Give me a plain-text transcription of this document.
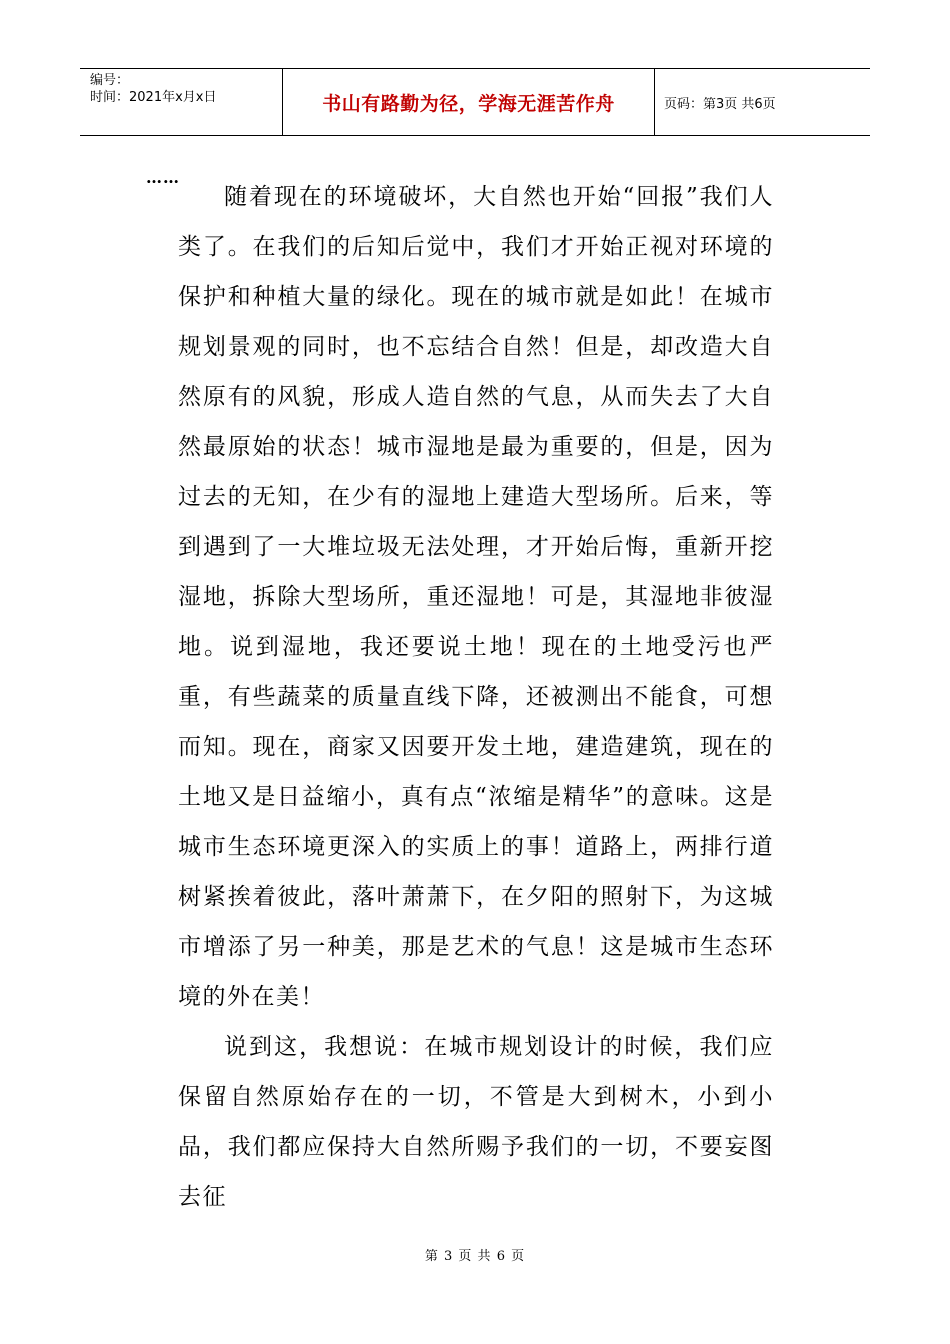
编号：
时间：2021年x月x日	书山有路勤为径，学海无涯苦作舟	页码：第3页 共6页
……

随着现在的环境破坏，大自然也开始“回报”我们人类了。在我们的后知后觉中，我们才开始正视对环境的保护和种植大量的绿化。现在的城市就是如此！在城市规划景观的同时，也不忘结合自然！但是，却改造大自然原有的风貌，形成人造自然的气息，从而失去了大自然最原始的状态！城市湿地是最为重要的，但是，因为过去的无知，在少有的湿地上建造大型场所。后来，等到遇到了一大堆垃圾无法处理，才开始后悔，重新开挖湿地，拆除大型场所，重还湿地！可是，其湿地非彼湿地。说到湿地，我还要说土地！现在的土地受污也严重，有些蔬菜的质量直线下降，还被测出不能食，可想而知。现在，商家又因要开发土地，建造建筑，现在的土地又是日益缩小，真有点“浓缩是精华”的意味。这是城市生态环境更深入的实质上的事！道路上，两排行道树紧挨着彼此，落叶萧萧下，在夕阳的照射下，为这城市增添了另一种美，那是艺术的气息！这是城市生态环境的外在美！

说到这，我想说：在城市规划设计的时候，我们应保留自然原始存在的一切，不管是大到树木，小到小品，我们都应保持大自然所赐予我们的一切，不要妄图去征

第 3 页 共 6 页
